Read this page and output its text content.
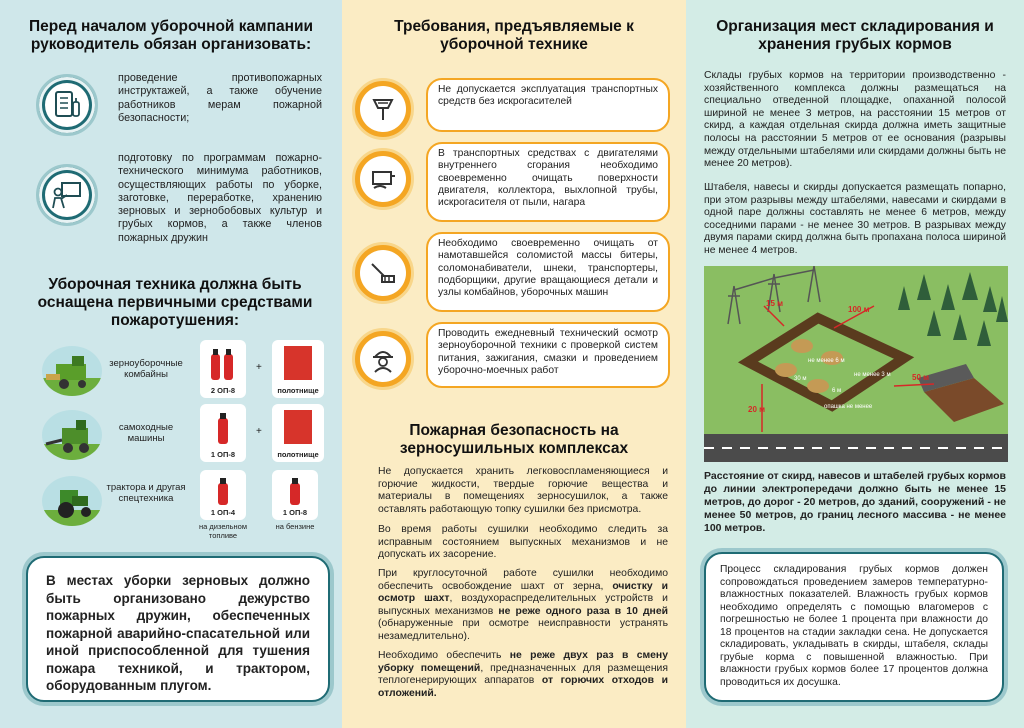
Перед началом уборочной кампании руководитель обязан организовать:
проведение противопожарных инструктажей, а также обучение работников мерам пожарной безопасности;
подготовку по программам пожарно-технического минимума работников, осуществляющих работы по уборке, заготовке, переработке, хранению зерновых и зернобобовых культур и грубых кормов, а также членов пожарных дружин
Уборочная техника должна быть оснащена первичными средствами пожаротушения:
зерноуборочные комбайны
2 ОП-8
+
полотнище
самоходные машины
1 ОП-8
+
полотнище
трактора и другая спецтехника
1 ОП-4
на дизельном топливе
1 ОП-8
на бензине
В местах уборки зерновых должно быть организовано дежурство пожарных дружин, обеспеченных пожарной аварийно-спасательной или иной приспособленной для тушения пожара техникой, и трактором, оборудованным плугом.
Требования, предъявляемые к уборочной технике
Не допускается эксплуатация транспортных средств без искрогасителей
В транспортных средствах с двигателями внутреннего сгорания необходимо своевременно очищать поверхности двигателя, коллектора, выхлопной трубы, искрогасителя от пыли, нагара
Необходимо своевременно очищать от намотавшейся соломистой массы битеры, соломонабиватели, шнеки, транспортеры, подборщики, другие вращающиеся детали и узлы комбайнов, уборочных машин
Проводить ежедневный технический осмотр зерноуборочной техники с проверкой систем питания, зажигания, смазки и проведением уборочно-моечных работ
Пожарная безопасность на зерносушильных комплексах
Не допускается хранить легковоспламеняющиеся и горючие жидкости, твердые горючие вещества и материалы в помещениях зерносушилок, а также оставлять работающую топку сушилки без присмотра.
Во время работы сушилки необходимо следить за исправным состоянием выпускных механизмов и не допускать их засорение.
При круглосуточной работе сушилки необходимо обеспечить освобождение шахт от зерна, очистку и осмотр шахт, воздухораспределительных устройств и выпускных механизмов не реже одного раза в 10 дней (обнаруженные при осмотре неисправности устранять незамедлительно).
Необходимо обеспечить не реже двух раз в смену уборку помещений, предназначенных для размещения теплогенерирующих аппаратов от горючих отходов и отложений.
Организация мест складирования и хранения грубых кормов
Склады грубых кормов на территории производственно - хозяйственного комплекса должны размещаться на специально отведенной площадке, опаханной полосой шириной не менее 3 метров, на расстоянии 15 метров от скирд, а каждая отдельная скирда должна иметь защитные полосы на расстоянии 5 метров от ее основания (разрывы между отдельными штабелями или скирдами должны быть не менее 20 метров).
Штабеля, навесы и скирды допускается размещать попарно, при этом разрывы между штабелями, навесами и скирдами в одной паре должны составлять не менее 6 метров, между соседними парами - не менее 30 метров. В разрывах между двумя парами скирд должна быть пропахана полоса шириной не менее 4 метров.
15 м
100 м
50 м
20 м
не менее 6 м
30 м
6 м
не менее 3 м
опашка не менее
Расстояние от скирд, навесов и штабелей грубых кормов до линии электропередачи должно быть не менее 15 метров, до дорог - 20 метров, до зданий, сооружений - не менее 50 метров, до границ лесного массива - не менее 100 метров.
Процесс складирования грубых кормов должен сопровождаться проведением замеров температурно-влажностных показателей. Влажность грубых кормов необходимо определять с помощью влагомеров с погрешностью не более 1 процента при влажности до 18 процентов на стадии закладки сена. Не допускается складировать, укладывать в скирды, штабеля, склады грубые корма с повышенной влажностью. При влажности грубых кормов более 17 процентов должна проводиться их досушка.
